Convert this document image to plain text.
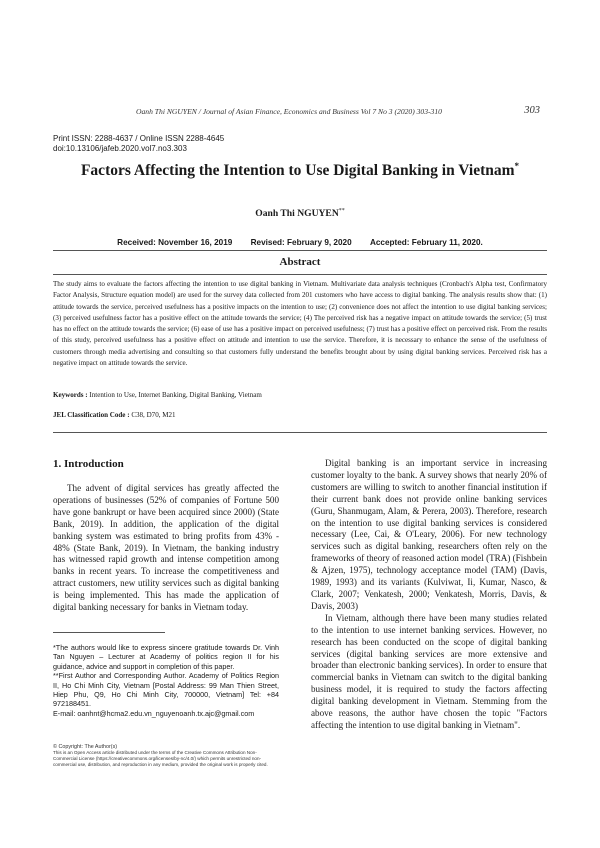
Oanh Thi NGUYEN / Journal of Asian Finance, Economics and Business Vol 7 No 3 (2020) 303-310	303
Print ISSN: 2288-4637 / Online ISSN 2288-4645
doi:10.13106/jafeb.2020.vol7.no3.303
Factors Affecting the Intention to Use Digital Banking in Vietnam*
Oanh Thi NGUYEN**
Received: November 16, 2019 Revised: February 9, 2020 Accepted: February 11, 2020.
Abstract
The study aims to evaluate the factors affecting the intention to use digital banking in Vietnam. Multivariate data analysis techniques (Cronbach's Alpha test, Confirmatory Factor Analysis, Structure equation model) are used for the survey data collected from 201 customers who have access to digital banking. The analysis results show that: (1) attitude towards the service, perceived usefulness has a positive impacts on the intention to use; (2) convenience does not affect the intention to use digital banking services; (3) perceived usefulness factor has a positive effect on the attitude towards the service; (4) The perceived risk has a negative impact on attitude towards the service; (5) trust has no effect on the attitude towards the service; (6) ease of use has a positive impact on perceived usefulness; (7) trust has a positive effect on perceived risk. From the results of this study, perceived usefulness has a positive effect on attitude and intention to use the service. Therefore, it is necessary to enhance the sense of the usefulness of customers through media advertising and consulting so that customers fully understand the benefits brought about by using digital banking services. Perceived risk has a negative impact on attitude towards the service.
Keywords : Intention to Use, Internet Banking, Digital Banking, Vietnam
JEL Classification Code : C38, D70, M21
1. Introduction

The advent of digital services has greatly affected the operations of businesses (52% of companies of Fortune 500 have gone bankrupt or have been acquired since 2000) (State Bank, 2019). In addition, the application of the digital banking system was estimated to bring profits from 43% - 48% (State Bank, 2019). In Vietnam, the banking industry has witnessed rapid growth and intense competition among banks in recent years. To increase the competitiveness and attract customers, new utility services such as digital banking is being implemented. This has made the application of digital banking necessary for banks in Vietnam today.

Digital banking is an important service in increasing customer loyalty to the bank. A survey shows that nearly 20% of customers are willing to switch to another financial institution if their current bank does not provide online banking services (Guru, Shanmugam, Alam, & Perera, 2003). Therefore, research on the intention to use digital banking services is considered necessary (Lee, Cai, & O'Leary, 2006). For new technology services such as digital banking, researchers often rely on the frameworks of theory of reasoned action model (TRA) (Fishbein & Ajzen, 1975), technology acceptance model (TAM) (Davis, 1989, 1993) and its variants (Kulviwat, Ii, Kumar, Nasco, & Clark, 2007; Venkatesh, 2000; Venkatesh, Morris, Davis, & Davis, 2003)

In Vietnam, although there have been many studies related to the intention to use internet banking services. However, no research has been conducted on the scope of digital banking services (digital banking services are more extensive and broader than electronic banking services). In order to ensure that commercial banks in Vietnam can switch to the digital banking business model, it is required to study the factors affecting digital banking development in Vietnam. Stemming from the above reasons, the author have chosen the topic "Factors affecting the intention to use digital banking in Vietnam".

*The authors would like to express sincere gratitude towards Dr. Vinh Tan Nguyen – Lecturer at Academy of politics region II for his guidance, advice and support in completion of this paper.

**First Author and Corresponding Author. Academy of Politics Region II, Ho Chi Minh City, Vietnam [Postal Address: 99 Man Thien Street, Hiep Phu, Q9, Ho Chi Minh City, 700000, Vietnam] Tel: +84 972188451.

E-mail: oanhnt@hcma2.edu.vn_nguyenoanh.tx.ajc@gmail.com

© Copyright: The Author(s)

This is an Open Access article distributed under the terms of the Creative Commons Attribution Non-Commercial License (https://creativecommons.org/licenses/by-nc/4.0/) which permits unrestricted non-commercial use, distribution, and reproduction in any medium, provided the original work is properly cited.
